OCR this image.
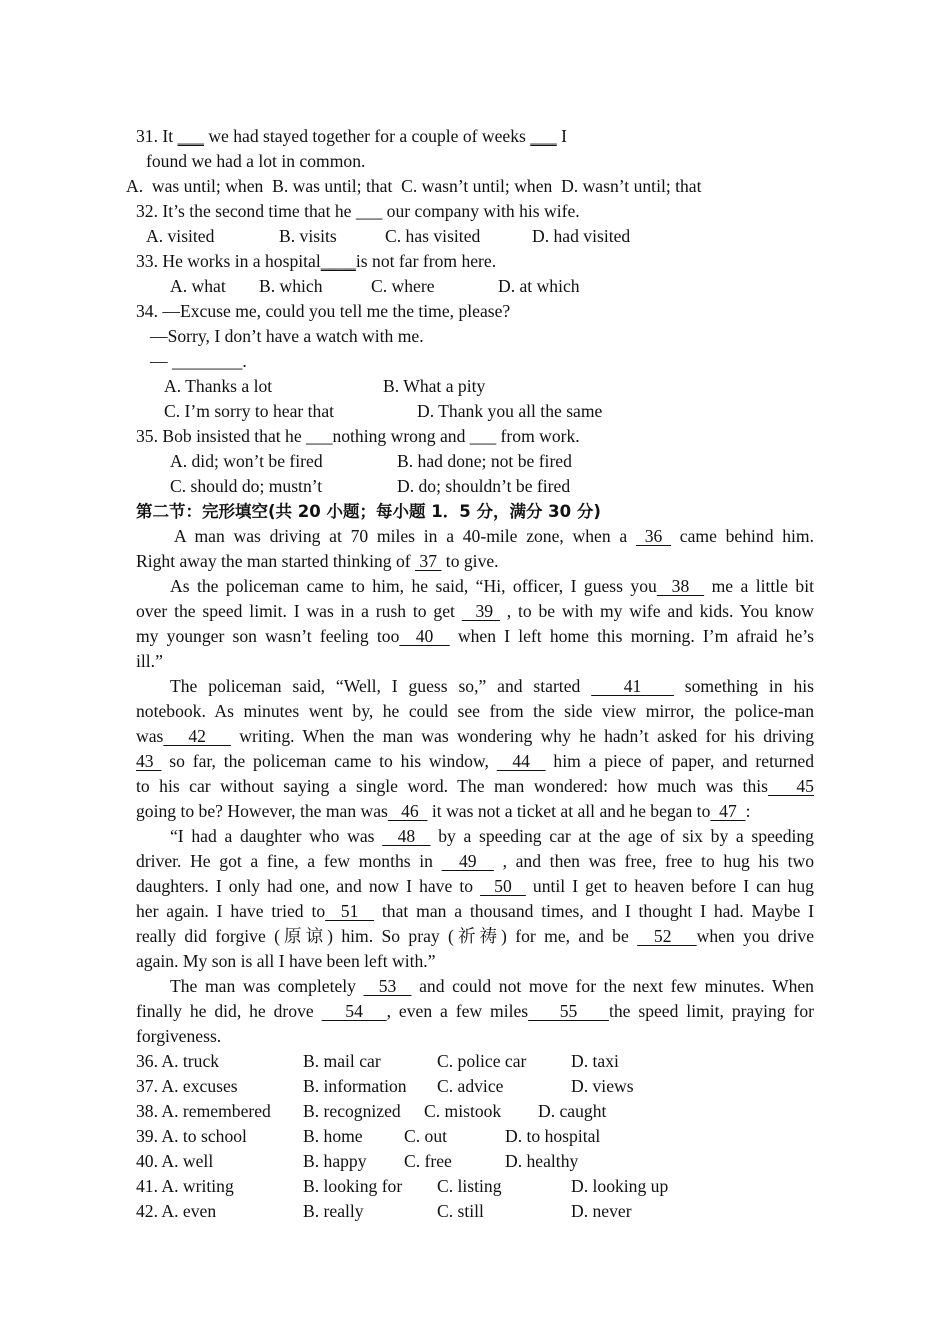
31. It ___ we had stayed together for a couple of weeks ___ I
found we had a lot in common.
A.  was until; when  B. was until; that  C. wasn’t until; when  D. wasn’t until; that
32. It’s the second time that he ___ our company with his wife.
A. visited	B. visits	C. has visited	D. had visited
33. He works in a hospital____is not far from here.
A. what B. which	C. where	D. at which
34. —Excuse me, could you tell me the time, please?
—Sorry, I don’t have a watch with me.
— ________.
A. Thanks a lot	B. What a pity
C. I’m sorry to hear that	D. Thank you all the same
35. Bob insisted that he ___nothing wrong and ___ from work.
A. did; won’t be fired	B. had done; not be fired
C. should do; mustn’t	D. do; shouldn’t be fired
第二节：完形填空(共 20 小题；每小题 1．5 分，满分 30 分)
A man was driving at 70 miles in a 40-mile zone, when a  36  came behind him.
Right away the man started thinking of  37  to give.
As the policeman came to him, he said, “Hi, officer, I guess you  38   me a little bit
over the speed limit. I was in a rush to get   39  , to be with my wife and kids. You know
my younger son wasn’t feeling too  40   when I left home this morning. I’m afraid he’s
ill.”
The policeman said, “Well, I guess so,” and started    41    something in his
notebook. As minutes went by, he could see from the side view mirror, the police-man
was   42    writing. When the man was wondering why he hadn’t asked for his driving
43  so far, the policeman came to his window,   44   him a piece of paper, and returned
to his car without saying a single word. The man wondered: how much was this   45
going to be? However, the man was   46   it was not a ticket at all and he began to  47  :
“I had a daughter who was   48   by a speeding car at the age of six by a speeding
driver. He got a fine, a few months in   49   , and then was free, free to hug his two
daughters. I only had one, and now I have to   50   until I get to heaven before I can hug
her again. I have tried to  51   that man a thousand times, and I thought I had. Maybe I
really did forgive (原谅) him. So pray (祈祷) for me, and be   52   when you drive
again. My son is all I have been left with.”
The man was completely   53   and could not move for the next few minutes. When
finally he did, he drove    54   , even a few miles    55    the speed limit, praying for
forgiveness.
36. A. truck	B. mail car	C. police car	D. taxi
37. A. excuses	B. information C. advice	D. views
38. A. remembered B. recognized C. mistook D. caught
39. A. to school	B. home C. out	D. to hospital
40. A. well	B. happy C. free	D. healthy
41. A. writing	B. looking for C. listing	D. looking up
42. A. even	B. really	C. still	D. never
